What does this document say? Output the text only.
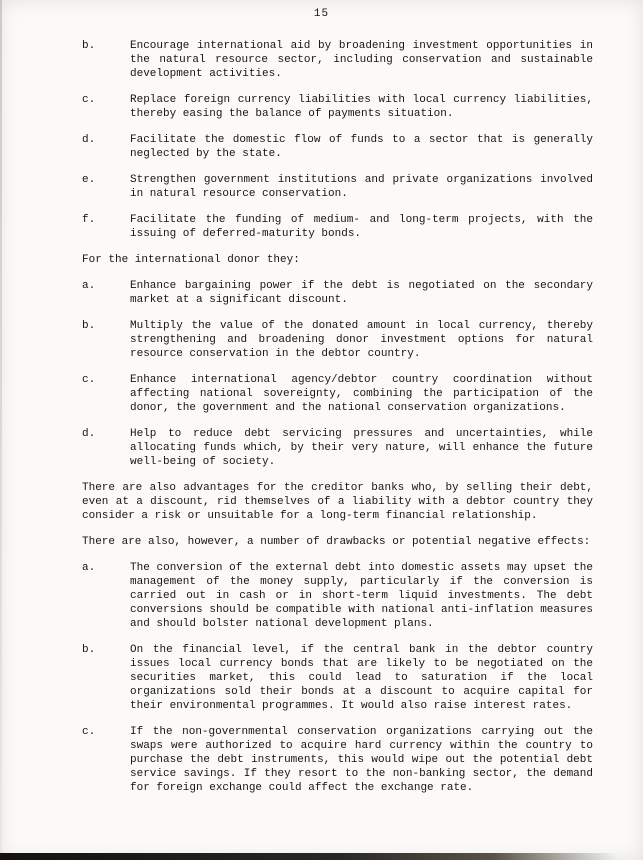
15
b.	Encourage international aid by broadening investment opportunities in the natural resource sector, including conservation and sustainable development activities.
c.	Replace foreign currency liabilities with local currency liabilities, thereby easing the balance of payments situation.
d.	Facilitate the domestic flow of funds to a sector that is generally neglected by the state.
e.	Strengthen government institutions and private organizations involved in natural resource conservation.
f.	Facilitate the funding of medium- and long-term projects, with the issuing of deferred-maturity bonds.

For the international donor they:

a.	Enhance bargaining power if the debt is negotiated on the secondary market at a significant discount.
b.	Multiply the value of the donated amount in local currency, thereby strengthening and broadening donor investment options for natural resource conservation in the debtor country.
c.	Enhance international agency/debtor country coordination without affecting national sovereignty, combining the participation of the donor, the government and the national conservation organizations.
d.	Help to reduce debt servicing pressures and uncertainties, while allocating funds which, by their very nature, will enhance the future well-being of society.

There are also advantages for the creditor banks who, by selling their debt, even at a discount, rid themselves of a liability with a debtor country they consider a risk or unsuitable for a long-term financial relationship.

There are also, however, a number of drawbacks or potential negative effects:

a.	The conversion of the external debt into domestic assets may upset the management of the money supply, particularly if the conversion is carried out in cash or in short-term liquid investments. The debt conversions should be compatible with national anti-inflation measures and should bolster national development plans.
b.	On the financial level, if the central bank in the debtor country issues local currency bonds that are likely to be negotiated on the securities market, this could lead to saturation if the local organizations sold their bonds at a discount to acquire capital for their environmental programmes. It would also raise interest rates.
c.	If the non-governmental conservation organizations carrying out the swaps were authorized to acquire hard currency within the country to purchase the debt instruments, this would wipe out the potential debt service savings. If they resort to the non-banking sector, the demand for foreign exchange could affect the exchange rate.
